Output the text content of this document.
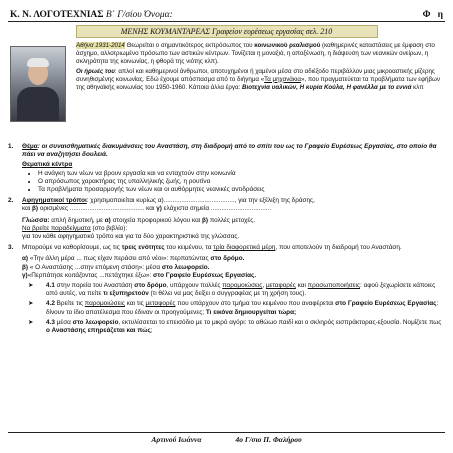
Κ. Ν. ΛΟΓΟΤΕΧΝΙΑΣ Β΄ Γ/σίου Όνομα:	Φ η
ΜΕΝΗΣ ΚΟΥΜΑΝΤΑΡΕΑΣ Γραφείον ευρέσεως εργασίας σελ. 210

Αθήνα 1931-2014 Θεωρείται ο σημαντικότερος εκπρόσωπος του κοινωνικού ρεαλισμού (καθημερινές καταστάσεις με έμφαση στο άσχημο, αλλοτριωμένο πρόσωπο των αστικών κέντρων. Τονίζεται η μοναξιά, η αποξένωση, η διάψευση των νεανικών ονείρων, η σκληρότητα της κοινωνίας, η φθορά της νιότης κλπ).

Οι ήρωές του: απλοί και καθημερινοί άνθρωποι, αποτυχημένοι ή χαμένοι μέσα στο αδιέξοδο περιβάλλον μιας μικροαστικής μίζερης συνηθισμένης κοινωνίας. Εδώ έχουμε απόσπασμα από το διήγημα «Τα μηχανάκια», που πραγματεύεται τα προβλήματα των εφήβων της αθηναϊκής κοινωνίας του 1950-1960. Κάποια άλλα έργα: Βιοτεχνία υαλικών, Η κυρία Κούλα, Η φανέλλα με το εννιά κλπ

1.	Θέμα: οι συναισθηματικές διακυμάνσεις του Αναστάση, στη διαδρομή από το σπίτι του ως το Γραφείο Ευρέσεως Εργασίας, στο οποίο θα πάει να αναζητήσει δουλειά.
Θεματικά κέντρα
• Η ανάγκη των νέων να βρουν εργασία και να ενταχτούν στην κοινωνία
• Ο απρόσωπος χαρακτήρας της υπαλληλικής ζωής, η ρουτίνα
• Τα προβλήματα προσαρμογής των νέων και οι αυθόρμητες νεανικές αντιδράσεις
2.	Αφηγηματικοί τρόποι: χρησιμοποιείται κυρίως α)........................................, για την εξέλιξη της δράσης,
και β) ορισμένες .......................................... και γ) ελάχιστα σημεία ..................................
Γλώσσα: απλή δημοτική, με α) στοιχεία προφορικού λόγου και β) πολλές μετοχές.
Να βρείτε παραδείγματα (στο βιβλίο):
για τον κάθε αφηγηματικό τρόπο και για τα δύο χαρακτηριστικά της γλώσσας.
3.	Μπορούμε να καθορίσουμε, ως τις τρεις ενότητες του κειμένου, τα τρία διαφορετικά μέρη, που αποτελούν τη διαδρομή του Αναστάση.
α) «Την άλλη μέρα ... πως είχαν περάσει από νέοι»: περπατώντας στο δρόμο.
β) « Ο Αναστάσης ...στην επόμενη στάση»: μέσα στο λεωφορείο.
γ)«Περπάτησε κοιτάζοντας ...πετάχτηκε έξω»: στο Γραφείο Ευρέσεως Εργασίας.
➤	4.1 στην πορεία του Αναστάση στο δρόμο, υπάρχουν πολλές παρομοιώσεις, μεταφορές και προσωποποιήσεις: αφού ξεχωρίσετε κάποιες από αυτές, να πείτε τι εξυπηρετούν (τι θέλει να μας δείξει ο συγγραφέας με τη χρήση τους).
➤	4.2 Βρείτε τις παρομοιώσεις και τις μεταφορές που υπάρχουν στο τμήμα του κειμένου που αναφέρεται στο Γραφείο Ευρέσεως Εργασίας: δίνουν το ίδιο αποτέλεσμα που έδιναν οι προηγούμενες; Τι εικόνα δημιουργείται τώρα;
➤	4.3 μέσα στο λεωφορείο, εκτυλίσσεται το επεισόδιο με το μικρό αγόρι: το αθώωο παιδί και ο σκληρός εισπράκτορας-εξουσία. Νομίζετε πως ο Αναστάσης επηρεάζεται και πώς;
Αρτινού Ιωάννα	4ο Γ/σιο Π. Φαλήρου
